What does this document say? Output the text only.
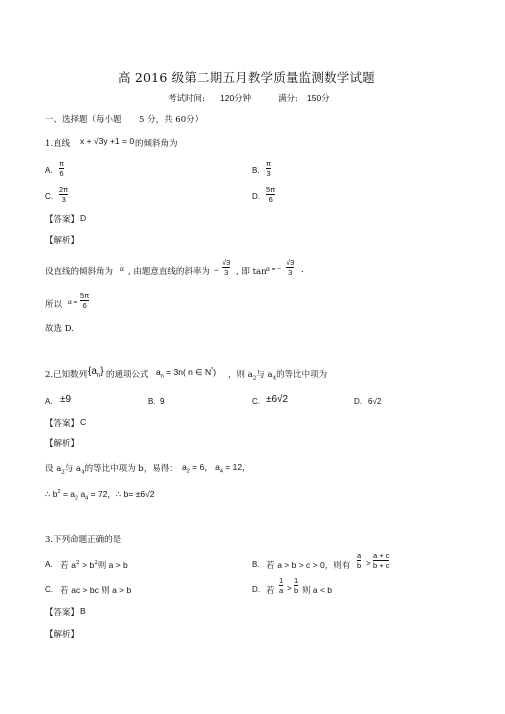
高 2016 级第二期五月教学质量监测数学试题
考试时间: 120分钟	满分: 150分
一、选择题（每小题 5 分，共 60分）
1.直线 x + √3y +1 = 0 的倾斜角为
A.
π
6	B.
π
3
C.
2π
3	D.
5π
6
【答案】 D
【解析】
设直线的倾斜角为 α , 由题意直线的斜率为 −
√3
3 , 即 tan α = −
√3
3 .
所以 α =
5π
6
故选 D.
2.已知数列 $\{a_n\}$ 的通项公式 $a_n = 3n$( n ∈ N*) ，则 $a_2$与 $a_4$的等比中项为
A. ±9	B. 9	C. ±6√2	D. 6√2
【答案】 C
【解析】
设 $a_2$与 $a_4$的等比中项为 b，易得： $a_2 = 6$， $a_4 = 12$，
∴ $b^2 = a_2$ $a_4 = 72$，∴ b= ±6√2
3.下列命题正确的是
A. 若 $a^2 > b^2$则 a > b	B. 若 a > b > c > 0，则有
a
b >
a + c
b + c
C. 若 ac > bc 则 a > b	D. 若
1
a >
1
b 则 a < b
【答案】 B
【解析】
